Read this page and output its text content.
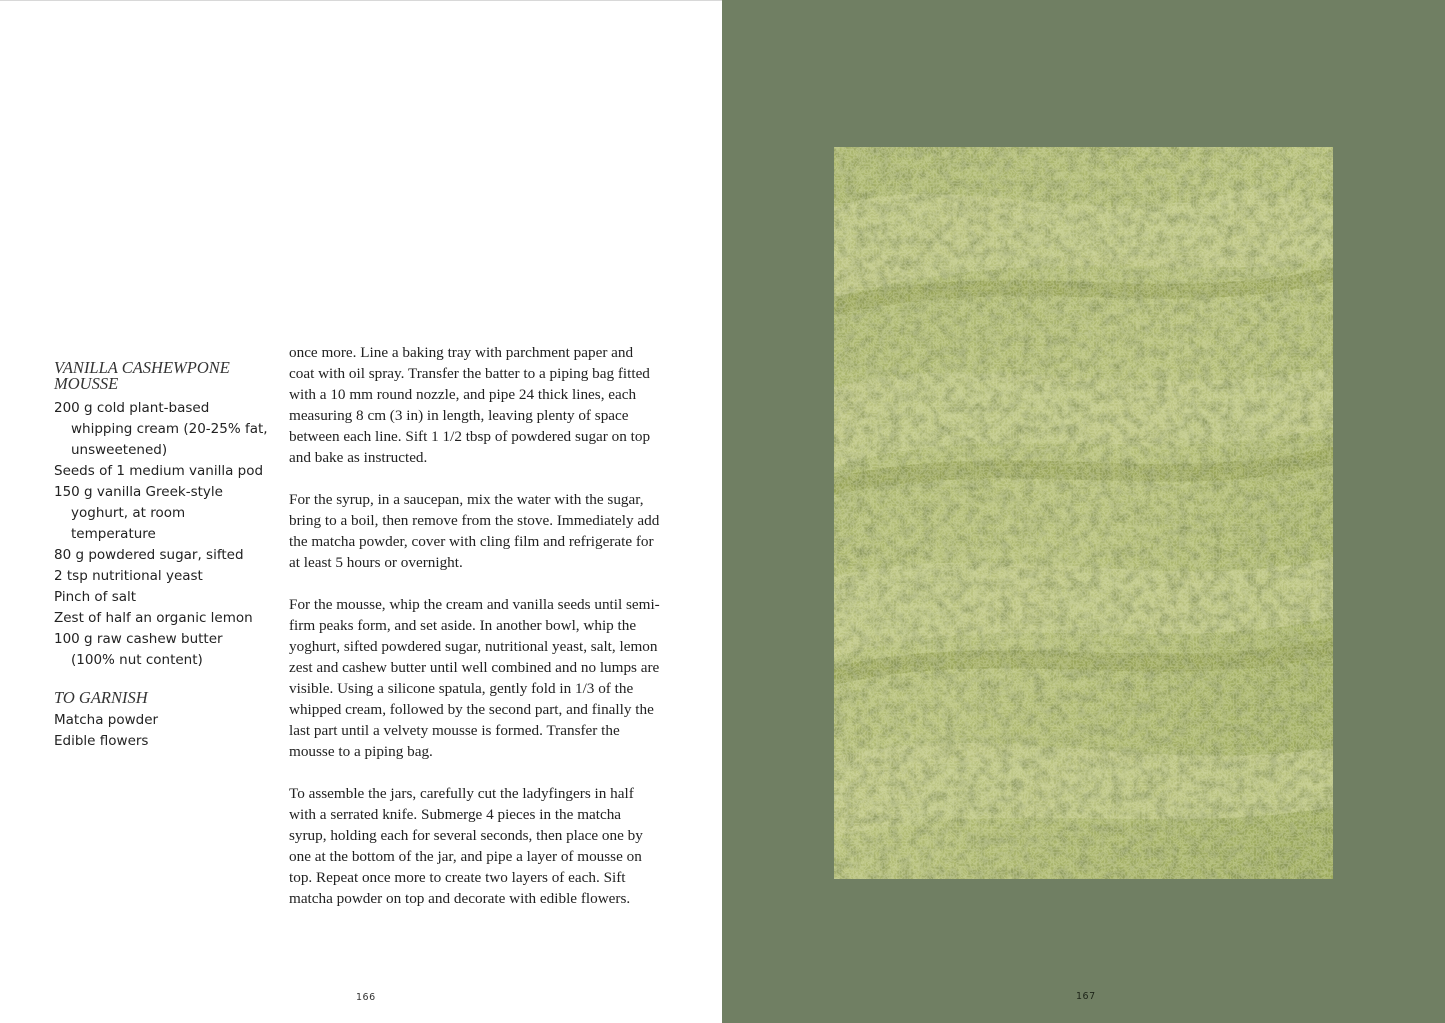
VANILLA CASHEWPONE MOUSSE
200 g cold plant-based whipping cream (20-25% fat, unsweetened)
Seeds of 1 medium vanilla pod
150 g vanilla Greek-style yoghurt, at room temperature
80 g powdered sugar, sifted
2 tsp nutritional yeast
Pinch of salt
Zest of half an organic lemon
100 g raw cashew butter (100% nut content)
TO GARNISH
Matcha powder
Edible flowers

once more. Line a baking tray with parchment paper and coat with oil spray. Transfer the batter to a piping bag fitted with a 10 mm round nozzle, and pipe 24 thick lines, each measuring 8 cm (3 in) in length, leaving plenty of space between each line. Sift 1 1/2 tbsp of powdered sugar on top and bake as instructed.

For the syrup, in a saucepan, mix the water with the sugar, bring to a boil, then remove from the stove. Immediately add the matcha powder, cover with cling film and refrigerate for at least 5 hours or overnight.

For the mousse, whip the cream and vanilla seeds until semi-firm peaks form, and set aside. In another bowl, whip the yoghurt, sifted powdered sugar, nutritional yeast, salt, lemon zest and cashew butter until well combined and no lumps are visible. Using a silicone spatula, gently fold in 1/3 of the whipped cream, followed by the second part, and finally the last part until a velvety mousse is formed. Transfer the mousse to a piping bag.

To assemble the jars, carefully cut the ladyfingers in half with a serrated knife. Submerge 4 pieces in the matcha syrup, holding each for several seconds, then place one by one at the bottom of the jar, and pipe a layer of mousse on top. Repeat once more to create two layers of each. Sift matcha powder on top and decorate with edible flowers.

166	167
